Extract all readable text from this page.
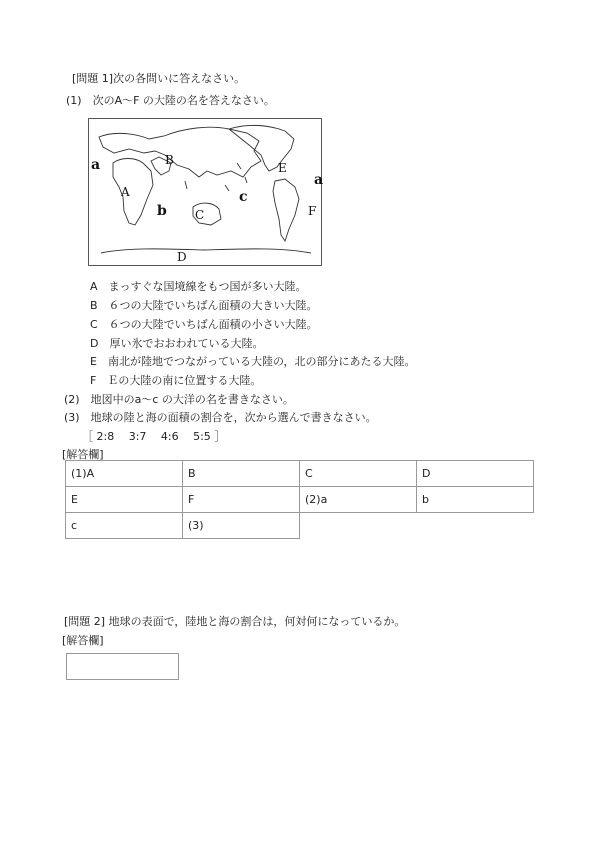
[問題 1]次の各問いに答えなさい。
(1)　次のA～F の大陸の名を答えなさい。
a
a
A
B
b C
c
D
E
F
A　まっすぐな国境線をもつ国が多い大陸。
B　６つの大陸でいちばん面積の大きい大陸。
C　６つの大陸でいちばん面積の小さい大陸。
D　厚い氷でおおわれている大陸。
E　南北が陸地でつながっている大陸の，北の部分にあたる大陸。
F　Ｅの大陸の南に位置する大陸。
(2)　地図中のa～c の大洋の名を書きなさい。
(3)　地球の陸と海の面積の割合を，次から選んで書きなさい。
［ 2:8　 3:7　 4:6　 5:5 ］
[解答欄]
(1)A	B	C	D
E	F	(2)a	b
c	(3)		
[問題 2] 地球の表面で，陸地と海の割合は，何対何になっているか。
[解答欄]
